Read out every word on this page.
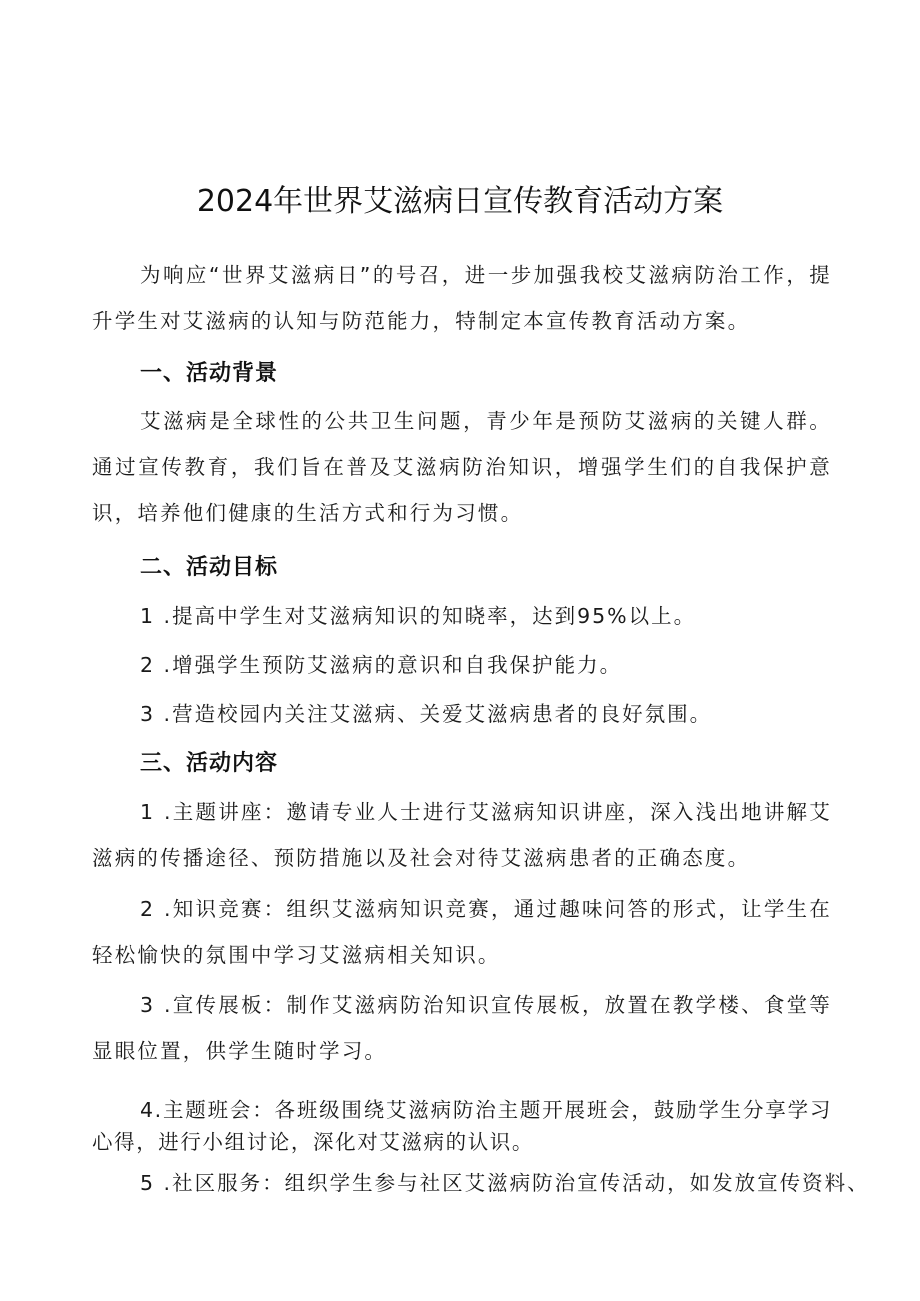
2024年世界艾滋病日宣传教育活动方案

为响应“世界艾滋病日”的号召，进一步加强我校艾滋病防治工作，提升学生对艾滋病的认知与防范能力，特制定本宣传教育活动方案。

一、活动背景

艾滋病是全球性的公共卫生问题，青少年是预防艾滋病的关键人群。通过宣传教育，我们旨在普及艾滋病防治知识，增强学生们的自我保护意识，培养他们健康的生活方式和行为习惯。

二、活动目标

1 .提高中学生对艾滋病知识的知晓率，达到95%以上。

2 .增强学生预防艾滋病的意识和自我保护能力。

3 .营造校园内关注艾滋病、关爱艾滋病患者的良好氛围。

三、活动内容

1 .主题讲座：邀请专业人士进行艾滋病知识讲座，深入浅出地讲解艾滋病的传播途径、预防措施以及社会对待艾滋病患者的正确态度。

2 .知识竞赛：组织艾滋病知识竞赛，通过趣味问答的形式，让学生在轻松愉快的氛围中学习艾滋病相关知识。

3 .宣传展板：制作艾滋病防治知识宣传展板，放置在教学楼、食堂等显眼位置，供学生随时学习。

4.主题班会：各班级围绕艾滋病防治主题开展班会，鼓励学生分享学习心得，进行小组讨论，深化对艾滋病的认识。

5 .社区服务：组织学生参与社区艾滋病防治宣传活动，如发放宣传资料、
